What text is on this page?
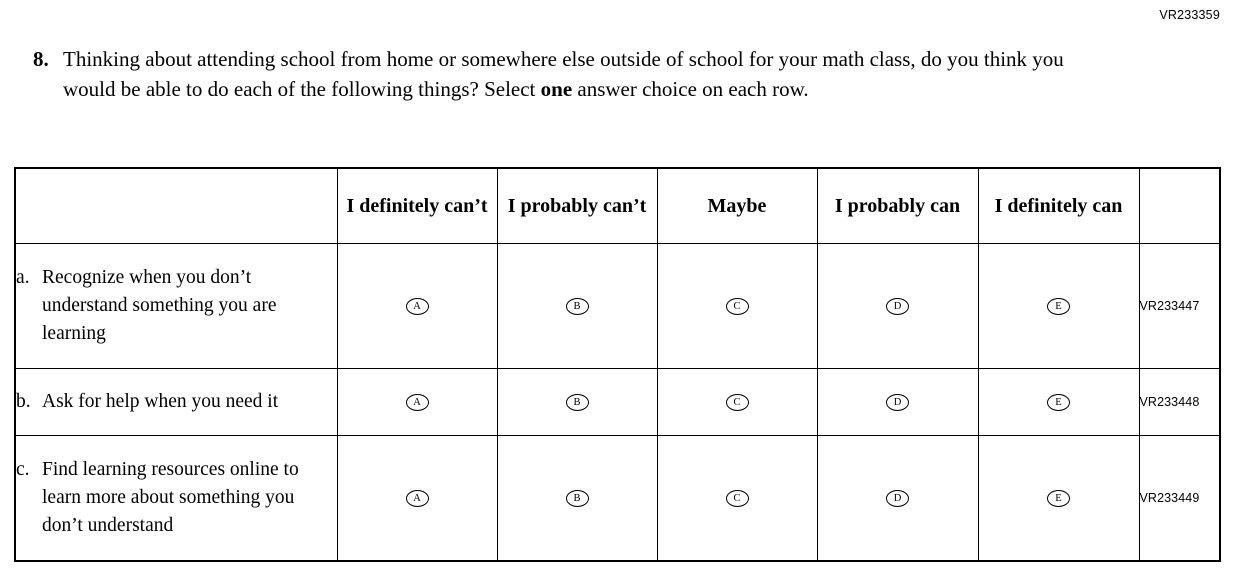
VR233359
8. Thinking about attending school from home or somewhere else outside of school for your math class, do you think you would be able to do each of the following things? Select one answer choice on each row.
	I definitely can’t	I probably can’t	Maybe	I probably can	I definitely can	

a. Recognize when you don’t understand something you are learning	A	B	C	D	E	VR233447

b. Ask for help when you need it	A	B	C	D	E	VR233448

c. Find learning resources online to learn more about something you don’t understand	A	B	C	D	E	VR233449
